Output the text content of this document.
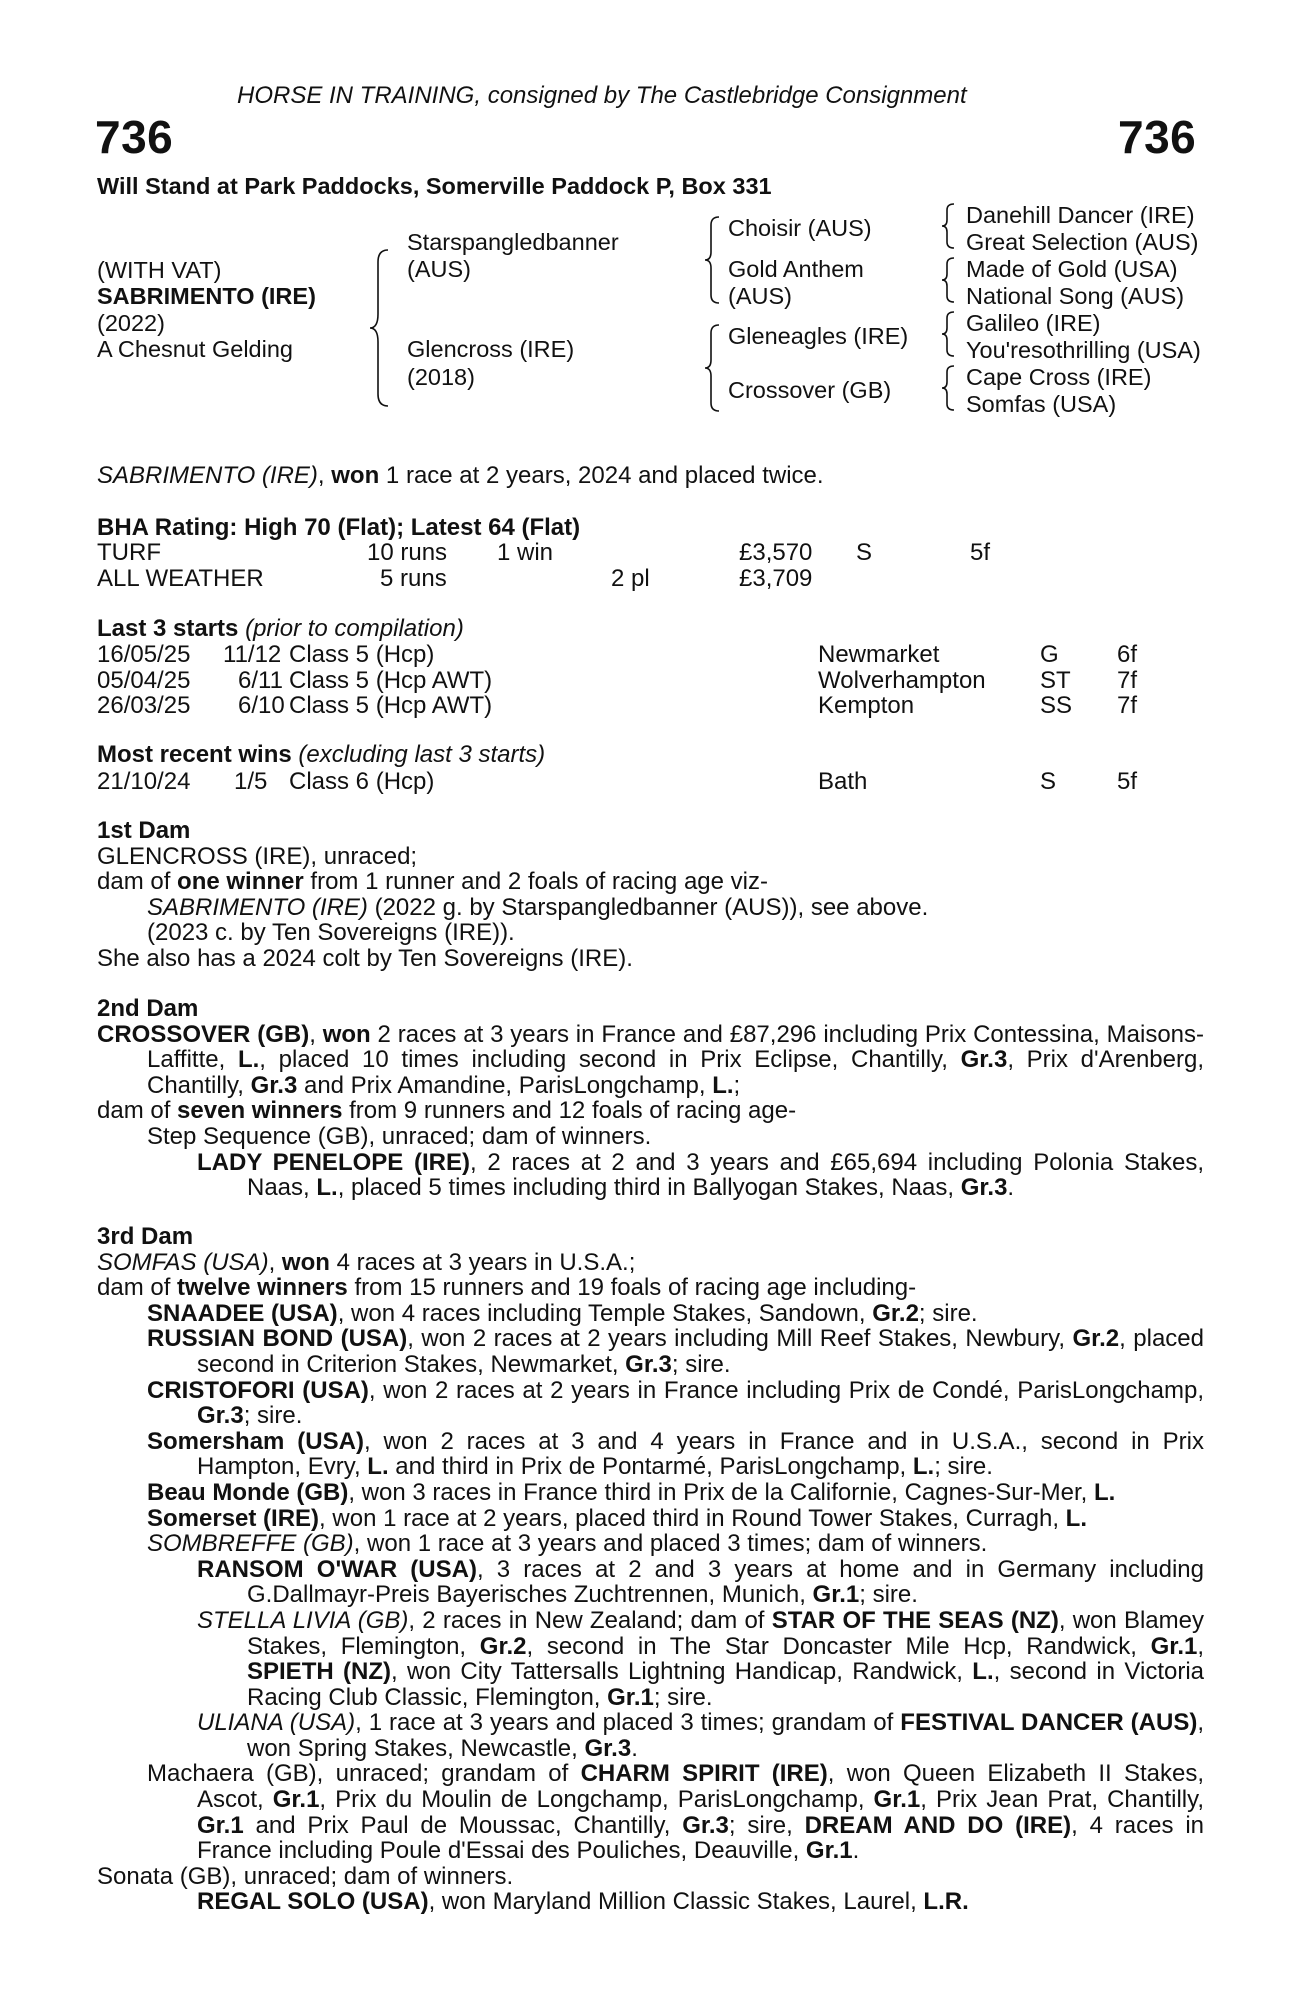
HORSE IN TRAINING, consigned by The Castlebridge Consignment
736	736
Will Stand at Park Paddocks, Somerville Paddock P, Box 331
(WITH VAT)
SABRIMENTO (IRE)
(2022)
A Chesnut Gelding
Starspangledbanner
(AUS)
Glencross (IRE)
(2018)
Choisir (AUS)
Gold Anthem
(AUS)
Gleneagles (IRE)
Crossover (GB)
Danehill Dancer (IRE)
Great Selection (AUS)
Made of Gold (USA)
National Song (AUS)
Galileo (IRE)
You'resothrilling (USA)
Cape Cross (IRE)
Somfas (USA)
SABRIMENTO (IRE), won 1 race at 2 years, 2024 and placed twice.
BHA Rating: High 70 (Flat); Latest 64 (Flat)
TURF	10 runs 1 win	£3,570 S	5f
ALL WEATHER	5 runs	2 pl	£3,709
Last 3 starts (prior to compilation)
16/05/25 11/12 Class 5 (Hcp)	Newmarket	G 6f
05/04/25 6/11 Class 5 (Hcp AWT)	Wolverhampton ST 7f
26/03/25 6/10 Class 5 (Hcp AWT)	Kempton	SS 7f
Most recent wins (excluding last 3 starts)
21/10/24 1/5 Class 6 (Hcp)	Bath	S	5f

1st Dam

GLENCROSS (IRE), unraced;

dam of one winner from 1 runner and 2 foals of racing age viz-

SABRIMENTO (IRE) (2022 g. by Starspangledbanner (AUS)), see above.

(2023 c. by Ten Sovereigns (IRE)).

She also has a 2024 colt by Ten Sovereigns (IRE).

2nd Dam

CROSSOVER (GB), won 2 races at 3 years in France and £87,296 including Prix Contessina, Maisons-Laffitte, L., placed 10 times including second in Prix Eclipse, Chantilly, Gr.3, Prix d'Arenberg, Chantilly, Gr.3 and Prix Amandine, ParisLongchamp, L.;

dam of seven winners from 9 runners and 12 foals of racing age-

Step Sequence (GB), unraced; dam of winners.

LADY PENELOPE (IRE), 2 races at 2 and 3 years and £65,694 including Polonia Stakes, Naas, L., placed 5 times including third in Ballyogan Stakes, Naas, Gr.3.

3rd Dam

SOMFAS (USA), won 4 races at 3 years in U.S.A.;

dam of twelve winners from 15 runners and 19 foals of racing age including-

SNAADEE (USA), won 4 races including Temple Stakes, Sandown, Gr.2; sire.

RUSSIAN BOND (USA), won 2 races at 2 years including Mill Reef Stakes, Newbury, Gr.2, placed second in Criterion Stakes, Newmarket, Gr.3; sire.

CRISTOFORI (USA), won 2 races at 2 years in France including Prix de Condé, ParisLongchamp, Gr.3; sire.

Somersham (USA), won 2 races at 3 and 4 years in France and in U.S.A., second in Prix Hampton, Evry, L. and third in Prix de Pontarmé, ParisLongchamp, L.; sire.

Beau Monde (GB), won 3 races in France third in Prix de la Californie, Cagnes-Sur-Mer, L.

Somerset (IRE), won 1 race at 2 years, placed third in Round Tower Stakes, Curragh, L.

SOMBREFFE (GB), won 1 race at 3 years and placed 3 times; dam of winners.

RANSOM O'WAR (USA), 3 races at 2 and 3 years at home and in Germany including G.Dallmayr-Preis Bayerisches Zuchtrennen, Munich, Gr.1; sire.

STELLA LIVIA (GB), 2 races in New Zealand; dam of STAR OF THE SEAS (NZ), won Blamey Stakes, Flemington, Gr.2, second in The Star Doncaster Mile Hcp, Randwick, Gr.1, SPIETH (NZ), won City Tattersalls Lightning Handicap, Randwick, L., second in Victoria Racing Club Classic, Flemington, Gr.1; sire.

ULIANA (USA), 1 race at 3 years and placed 3 times; grandam of FESTIVAL DANCER (AUS), won Spring Stakes, Newcastle, Gr.3.

Machaera (GB), unraced; grandam of CHARM SPIRIT (IRE), won Queen Elizabeth II Stakes, Ascot, Gr.1, Prix du Moulin de Longchamp, ParisLongchamp, Gr.1, Prix Jean Prat, Chantilly, Gr.1 and Prix Paul de Moussac, Chantilly, Gr.3; sire, DREAM AND DO (IRE), 4 races in France including Poule d'Essai des Pouliches, Deauville, Gr.1.

Sonata (GB), unraced; dam of winners.

REGAL SOLO (USA), won Maryland Million Classic Stakes, Laurel, L.R.
